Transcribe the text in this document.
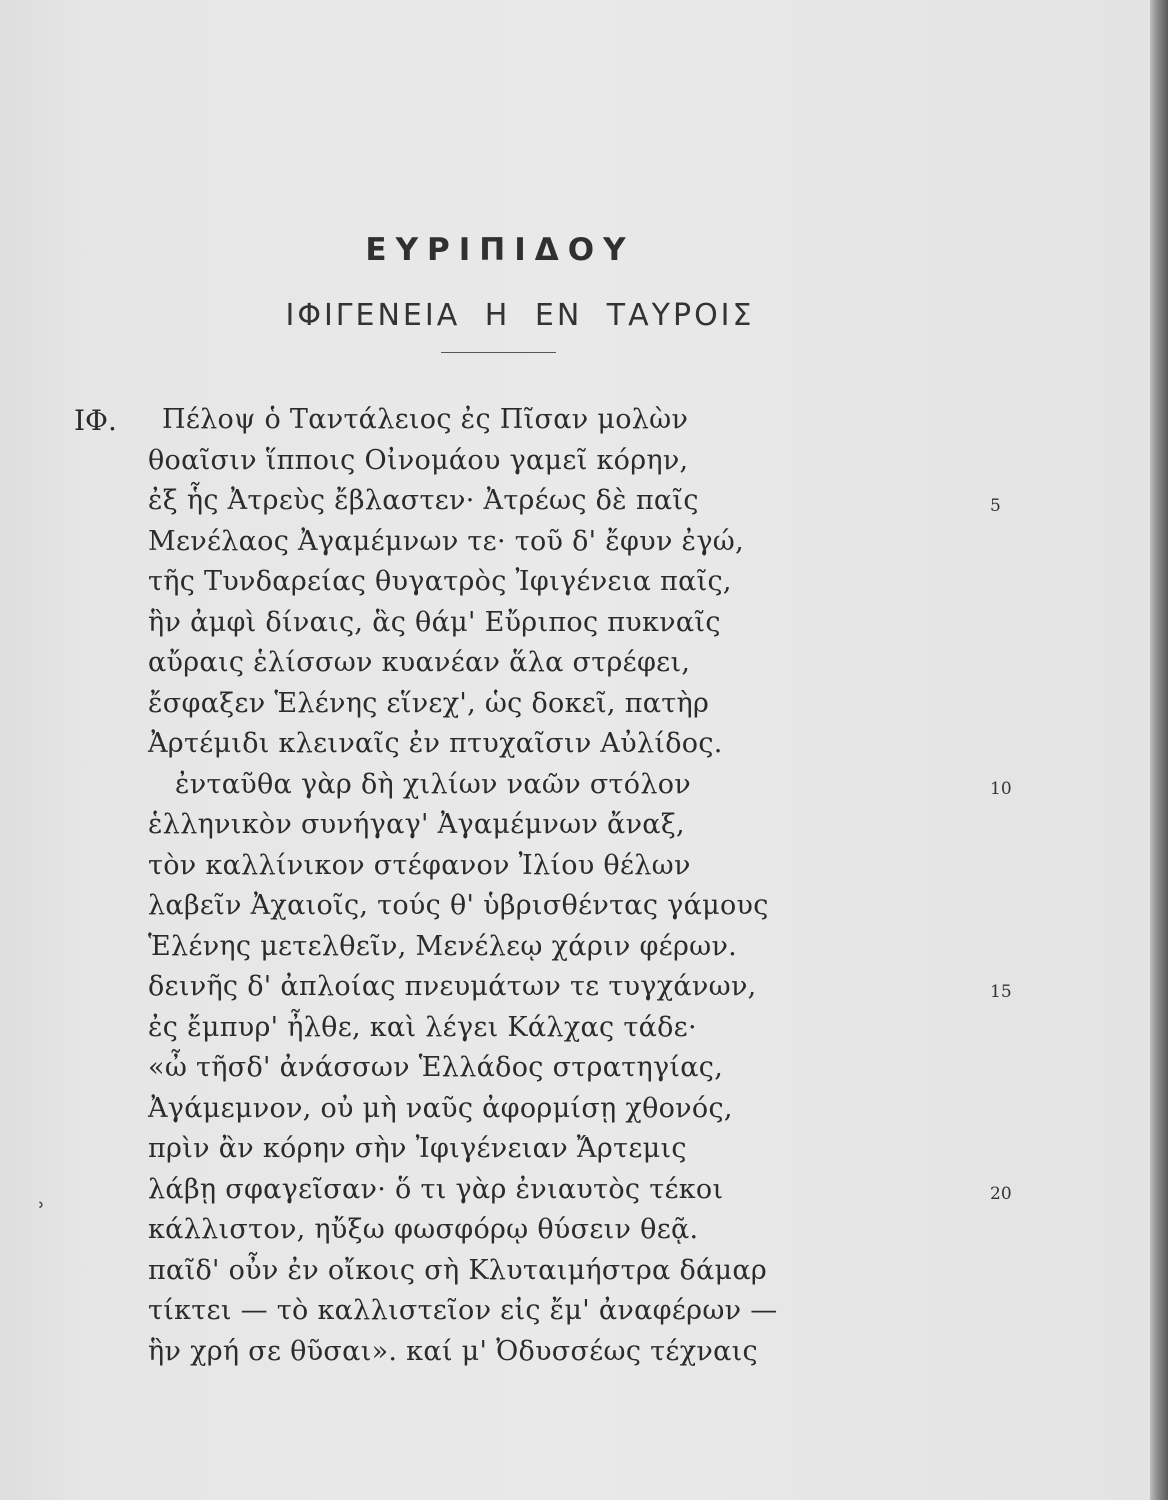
ΕΥΡΙΠΙΔΟΥ
ΙΦΙΓΕΝΕΙΑ Η ΕΝ ΤΑΥΡΟΙΣ
ΙΦ. Πέλοψ ὁ Ταντάλειος ἐς Πῖσαν μολὼν
θοαῖσιν ἵπποις Οἰνομάου γαμεῖ κόρην,
ἐξ ἧς Ἀτρεὺς ἔβλαστεν· Ἀτρέως δὲ παῖς
Μενέλαος Ἀγαμέμνων τε· τοῦ δ' ἔφυν ἐγώ,
τῆς Τυνδαρείας θυγατρὸς Ἰφιγένεια παῖς,
ἣν ἀμφὶ δίναις, ἃς θάμ' Εὔριπος πυκναῖς
αὔραις ἑλίσσων κυανέαν ἅλα στρέφει,
ἔσφαξεν Ἑλένης εἵνεχ', ὡς δοκεῖ, πατὴρ
Ἀρτέμιδι κλειναῖς ἐν πτυχαῖσιν Αὐλίδος.
ἐνταῦθα γὰρ δὴ χιλίων ναῶν στόλον
ἑλληνικὸν συνήγαγ' Ἀγαμέμνων ἄναξ,
τὸν καλλίνικον στέφανον Ἰλίου θέλων
λαβεῖν Ἀχαιοῖς, τούς θ' ὑβρισθέντας γάμους
Ἑλένης μετελθεῖν, Μενέλεῳ χάριν φέρων.
δεινῆς δ' ἀπλοίας πνευμάτων τε τυγχάνων,
ἐς ἔμπυρ' ἦλθε, καὶ λέγει Κάλχας τάδε·
«ὦ τῆσδ' ἀνάσσων Ἑλλάδος στρατηγίας,
Ἀγάμεμνον, οὐ μὴ ναῦς ἀφορμίσῃ χθονός,
πρὶν ἂν κόρην σὴν Ἰφιγένειαν Ἄρτεμις
λάβῃ σφαγεῖσαν· ὅ τι γὰρ ἐνιαυτὸς τέκοι
κάλλιστον, ηὔξω φωσφόρῳ θύσειν θεᾷ.
παῖδ' οὖν ἐν οἴκοις σὴ Κλυταιμήστρα δάμαρ
τίκτει — τὸ καλλιστεῖον εἰς ἔμ' ἀναφέρων —
ἣν χρή σε θῦσαι». καί μ' Ὀδυσσέως τέχναις
5
10
15
20
ʾ
